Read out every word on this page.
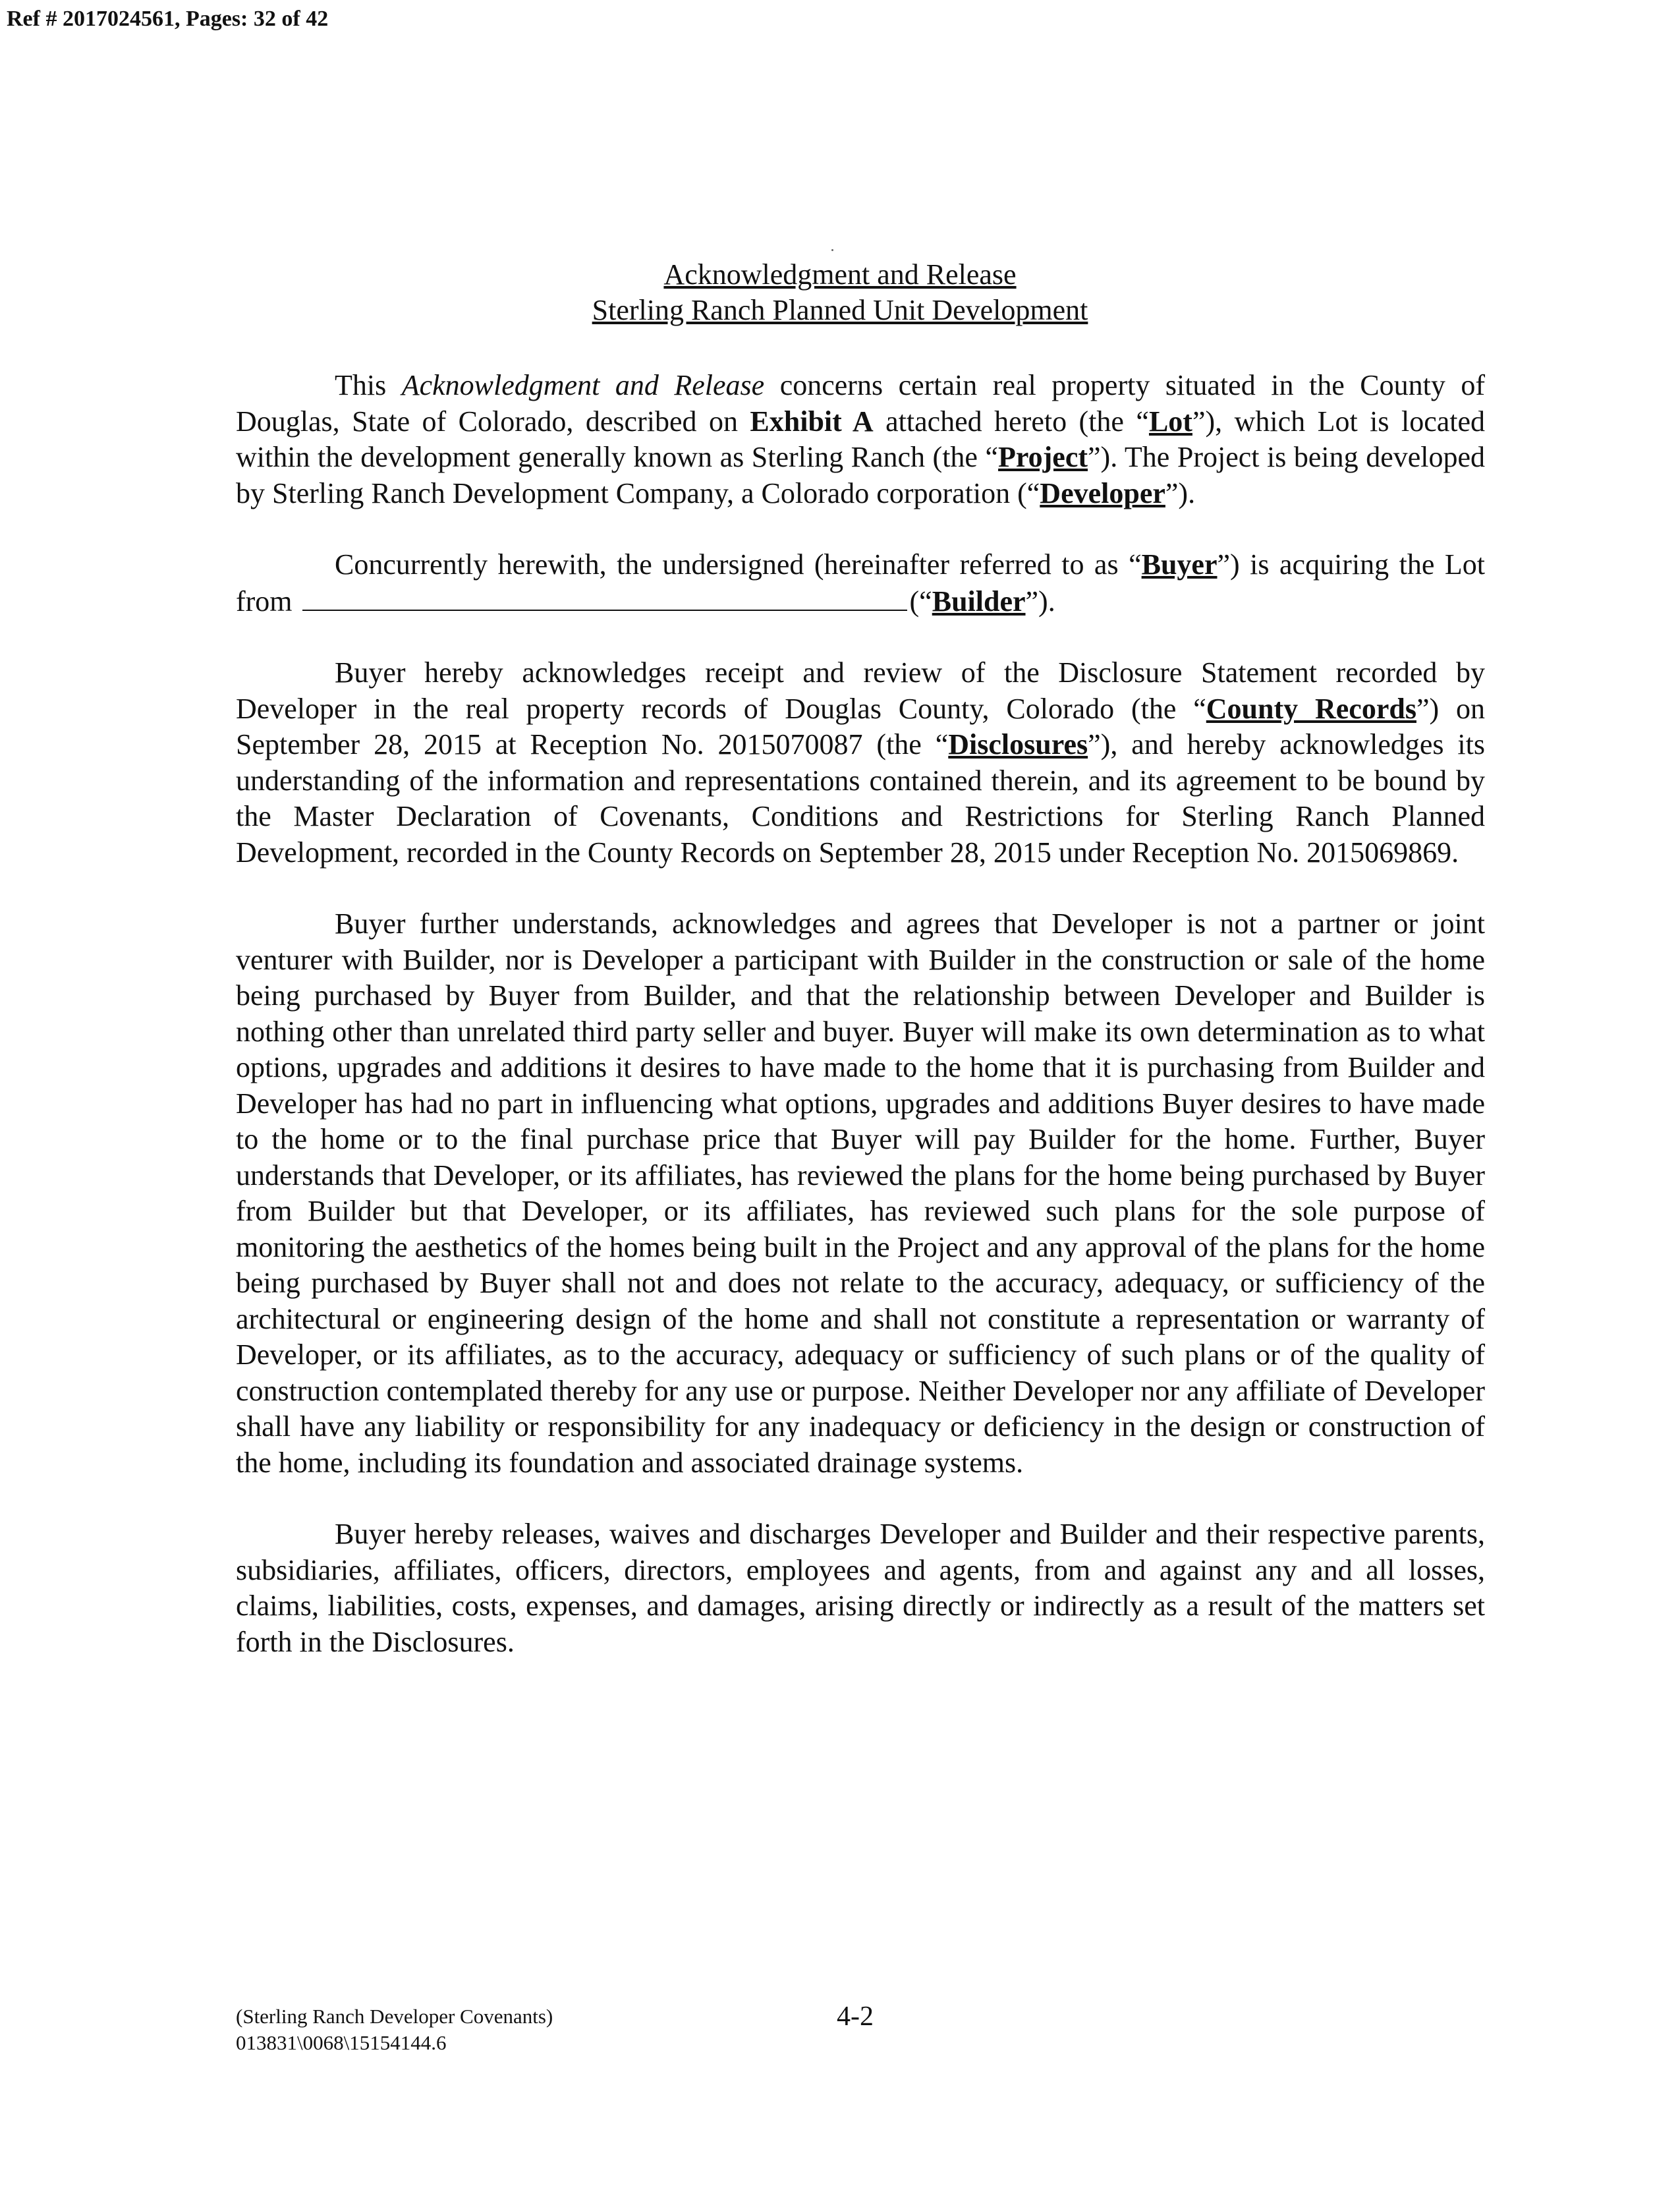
Ref # 2017024561, Pages: 32 of 42
Acknowledgment and Release
Sterling Ranch Planned Unit Development

This Acknowledgment and Release concerns certain real property situated in the County of Douglas, State of Colorado, described on Exhibit A attached hereto (the “Lot”), which Lot is located within the development generally known as Sterling Ranch (the “Project”). The Project is being developed by Sterling Ranch Development Company, a Colorado corporation (“Developer”).

Concurrently herewith, the undersigned (hereinafter referred to as “Buyer”) is acquiring the Lot from	(“Builder”).

Buyer hereby acknowledges receipt and review of the Disclosure Statement recorded by Developer in the real property records of Douglas County, Colorado (the “County Records”) on September 28, 2015 at Reception No. 2015070087 (the “Disclosures”), and hereby acknowledges its understanding of the information and representations contained therein, and its agreement to be bound by the Master Declaration of Covenants, Conditions and Restrictions for Sterling Ranch Planned Development, recorded in the County Records on September 28, 2015 under Reception No. 2015069869.

Buyer further understands, acknowledges and agrees that Developer is not a partner or joint venturer with Builder, nor is Developer a participant with Builder in the construction or sale of the home being purchased by Buyer from Builder, and that the relationship between Developer and Builder is nothing other than unrelated third party seller and buyer. Buyer will make its own determination as to what options, upgrades and additions it desires to have made to the home that it is purchasing from Builder and Developer has had no part in influencing what options, upgrades and additions Buyer desires to have made to the home or to the final purchase price that Buyer will pay Builder for the home. Further, Buyer understands that Developer, or its affiliates, has reviewed the plans for the home being purchased by Buyer from Builder but that Developer, or its affiliates, has reviewed such plans for the sole purpose of monitoring the aesthetics of the homes being built in the Project and any approval of the plans for the home being purchased by Buyer shall not and does not relate to the accuracy, adequacy, or sufficiency of the architectural or engineering design of the home and shall not constitute a representation or warranty of Developer, or its affiliates, as to the accuracy, adequacy or sufficiency of such plans or of the quality of construction contemplated thereby for any use or purpose. Neither Developer nor any affiliate of Developer shall have any liability or responsibility for any inadequacy or deficiency in the design or construction of the home, including its foundation and associated drainage systems.

Buyer hereby releases, waives and discharges Developer and Builder and their respective parents, subsidiaries, affiliates, officers, directors, employees and agents, from and against any and all losses, claims, liabilities, costs, expenses, and damages, arising directly or indirectly as a result of the matters set forth in the Disclosures.

(Sterling Ranch Developer Covenants)
013831\0068\15154144.6
4-2
